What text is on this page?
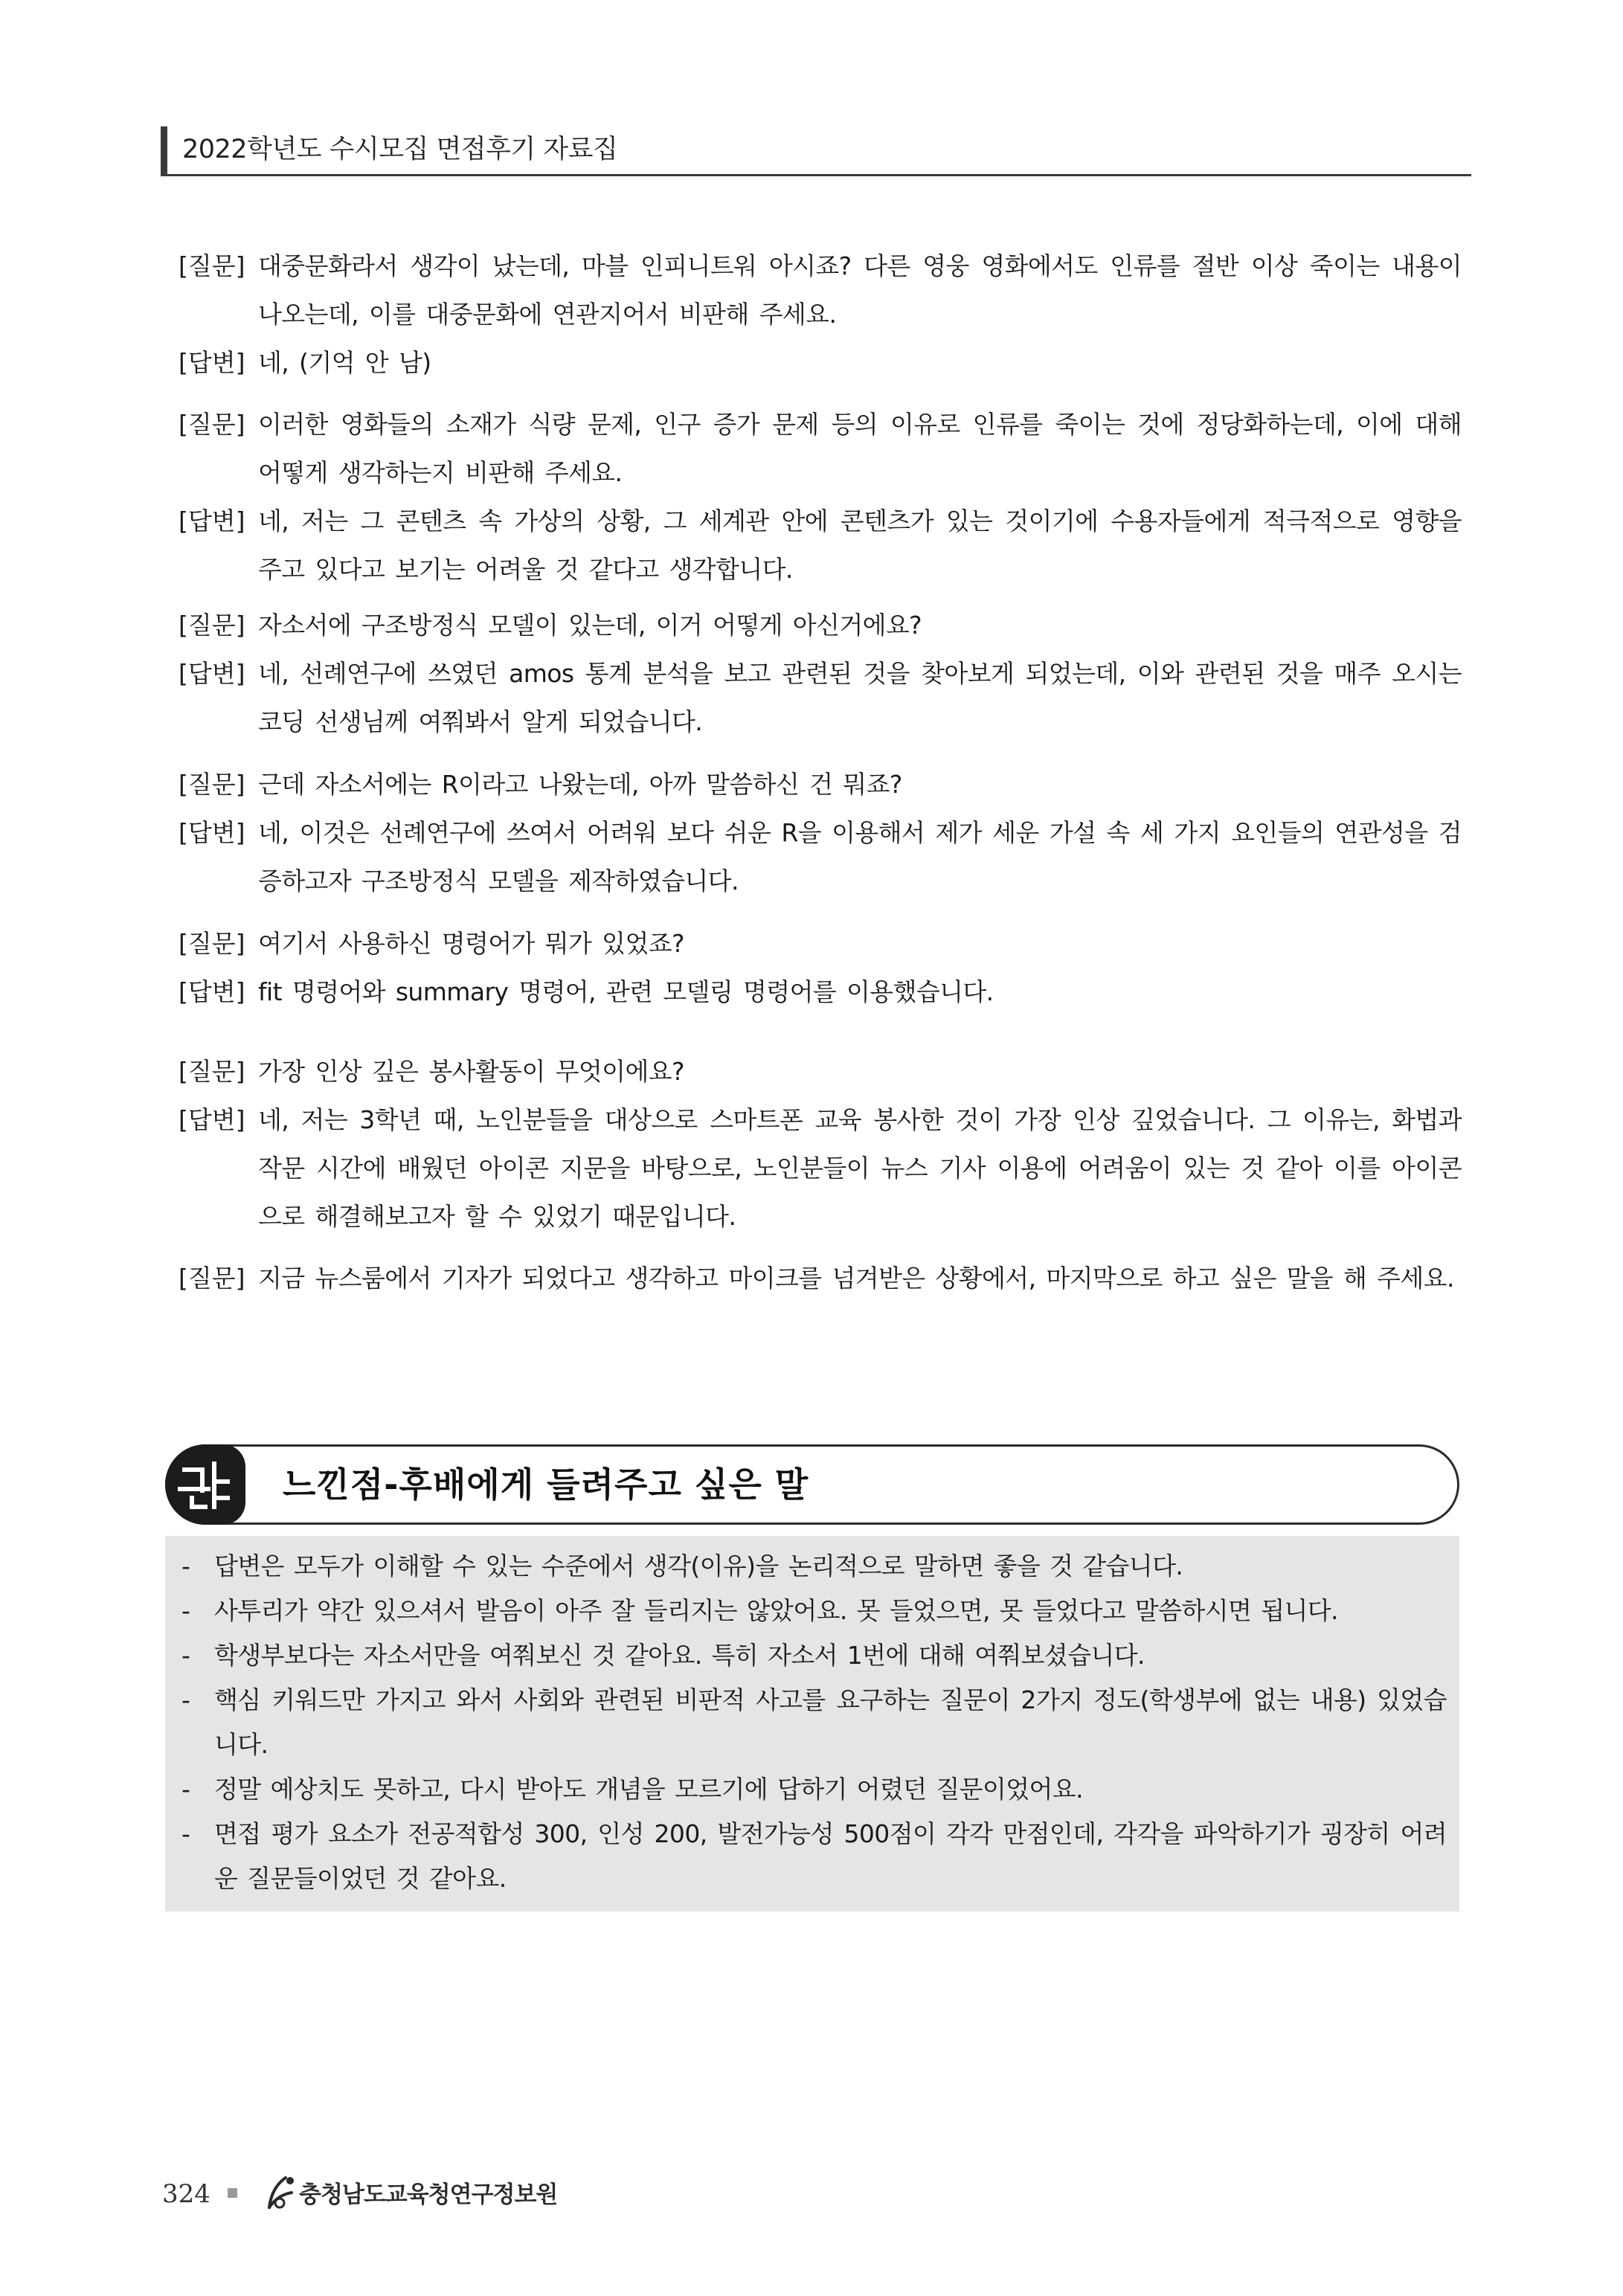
2022학년도 수시모집 면접후기 자료집
[질문] 대중문화라서 생각이 났는데, 마블 인피니트워 아시죠? 다른 영웅 영화에서도 인류를 절반 이상 죽이는 내용이 나오는데, 이를 대중문화에 연관지어서 비판해 주세요.
[답변] 네, (기억 안 남)
[질문] 이러한 영화들의 소재가 식량 문제, 인구 증가 문제 등의 이유로 인류를 죽이는 것에 정당화하는데, 이에 대해 어떻게 생각하는지 비판해 주세요.
[답변] 네, 저는 그 콘텐츠 속 가상의 상황, 그 세계관 안에 콘텐츠가 있는 것이기에 수용자들에게 적극적으로 영향을 주고 있다고 보기는 어려울 것 같다고 생각합니다.
[질문] 자소서에 구조방정식 모델이 있는데, 이거 어떻게 아신거에요?
[답변] 네, 선례연구에 쓰였던 amos 통계 분석을 보고 관련된 것을 찾아보게 되었는데, 이와 관련된 것을 매주 오시는 코딩 선생님께 여쭤봐서 알게 되었습니다.
[질문] 근데 자소서에는 R이라고 나왔는데, 아까 말씀하신 건 뭐죠?
[답변] 네, 이것은 선례연구에 쓰여서 어려워 보다 쉬운 R을 이용해서 제가 세운 가설 속 세 가지 요인들의 연관성을 검증하고자 구조방정식 모델을 제작하였습니다.
[질문] 여기서 사용하신 명령어가 뭐가 있었죠?
[답변] fit 명령어와 summary 명령어, 관련 모델링 명령어를 이용했습니다.
[질문] 가장 인상 깊은 봉사활동이 무엇이에요?
[답변] 네, 저는 3학년 때, 노인분들을 대상으로 스마트폰 교육 봉사한 것이 가장 인상 깊었습니다. 그 이유는, 화법과 작문 시간에 배웠던 아이콘 지문을 바탕으로, 노인분들이 뉴스 기사 이용에 어려움이 있는 것 같아 이를 아이콘으로 해결해보고자 할 수 있었기 때문입니다.
[질문] 지금 뉴스룸에서 기자가 되었다고 생각하고 마이크를 넘겨받은 상황에서, 마지막으로 하고 싶은 말을 해 주세요.
느낀점-후배에게 들려주고 싶은 말
- 답변은 모두가 이해할 수 있는 수준에서 생각(이유)을 논리적으로 말하면 좋을 것 같습니다.
- 사투리가 약간 있으셔서 발음이 아주 잘 들리지는 않았어요. 못 들었으면, 못 들었다고 말씀하시면 됩니다.
- 학생부보다는 자소서만을 여쭤보신 것 같아요. 특히 자소서 1번에 대해 여쭤보셨습니다.
- 핵심 키워드만 가지고 와서 사회와 관련된 비판적 사고를 요구하는 질문이 2가지 정도(학생부에 없는 내용) 있었습니다.
- 정말 예상치도 못하고, 다시 받아도 개념을 모르기에 답하기 어렸던 질문이었어요.
- 면접 평가 요소가 전공적합성 300, 인성 200, 발전가능성 500점이 각각 만점인데, 각각을 파악하기가 굉장히 어려운 질문들이었던 것 같아요.
324	충청남도교육청연구정보원
